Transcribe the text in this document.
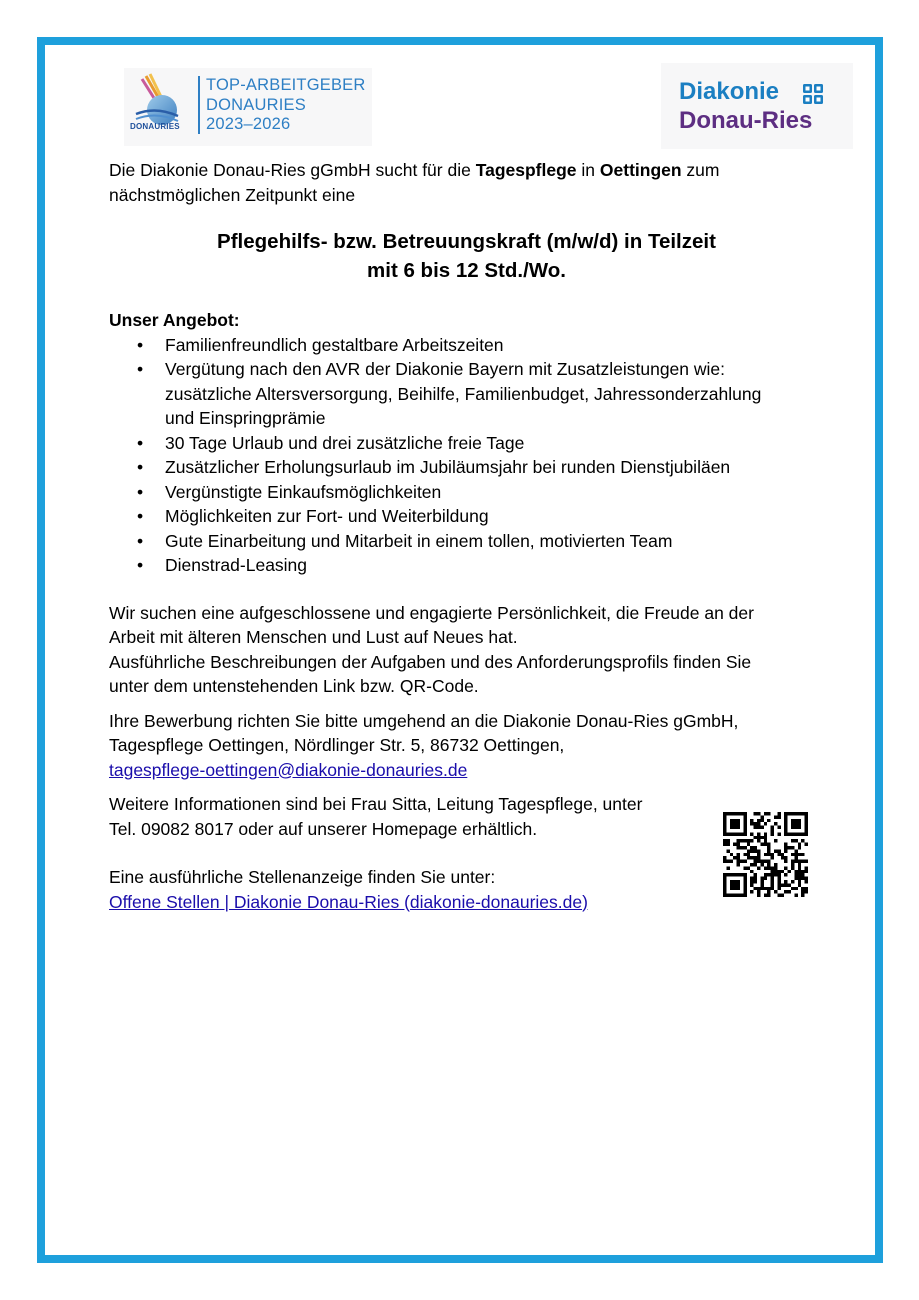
DONAURIES
TOP-ARBEITGEBER
DONAURIES
2023–2026
Diakonie
Donau-Ries

Die Diakonie Donau-Ries gGmbH sucht für die Tagespflege in Oettingen zum
nächstmöglichen Zeitpunkt eine

Pflegehilfs- bzw. Betreuungskraft (m/w/d) in Teilzeit
mit 6 bis 12 Std./Wo.

Unser Angebot:

• Familienfreundlich gestaltbare Arbeitszeiten
• Vergütung nach den AVR der Diakonie Bayern mit Zusatzleistungen wie:
zusätzliche Altersversorgung, Beihilfe, Familienbudget, Jahressonderzahlung
und Einspringprämie
• 30 Tage Urlaub und drei zusätzliche freie Tage
• Zusätzlicher Erholungsurlaub im Jubiläumsjahr bei runden Dienstjubiläen
• Vergünstigte Einkaufsmöglichkeiten
• Möglichkeiten zur Fort- und Weiterbildung
• Gute Einarbeitung und Mitarbeit in einem tollen, motivierten Team
• Dienstrad-Leasing

Wir suchen eine aufgeschlossene und engagierte Persönlichkeit, die Freude an der
Arbeit mit älteren Menschen und Lust auf Neues hat.
Ausführliche Beschreibungen der Aufgaben und des Anforderungsprofils finden Sie
unter dem untenstehenden Link bzw. QR-Code.

Ihre Bewerbung richten Sie bitte umgehend an die Diakonie Donau-Ries gGmbH,
Tagespflege Oettingen, Nördlinger Str. 5, 86732 Oettingen,
tagespflege-oettingen@diakonie-donauries.de

Weitere Informationen sind bei Frau Sitta, Leitung Tagespflege, unter
Tel. 09082 8017 oder auf unserer Homepage erhältlich.

Eine ausführliche Stellenanzeige finden Sie unter:
Offene Stellen | Diakonie Donau-Ries (diakonie-donauries.de)
